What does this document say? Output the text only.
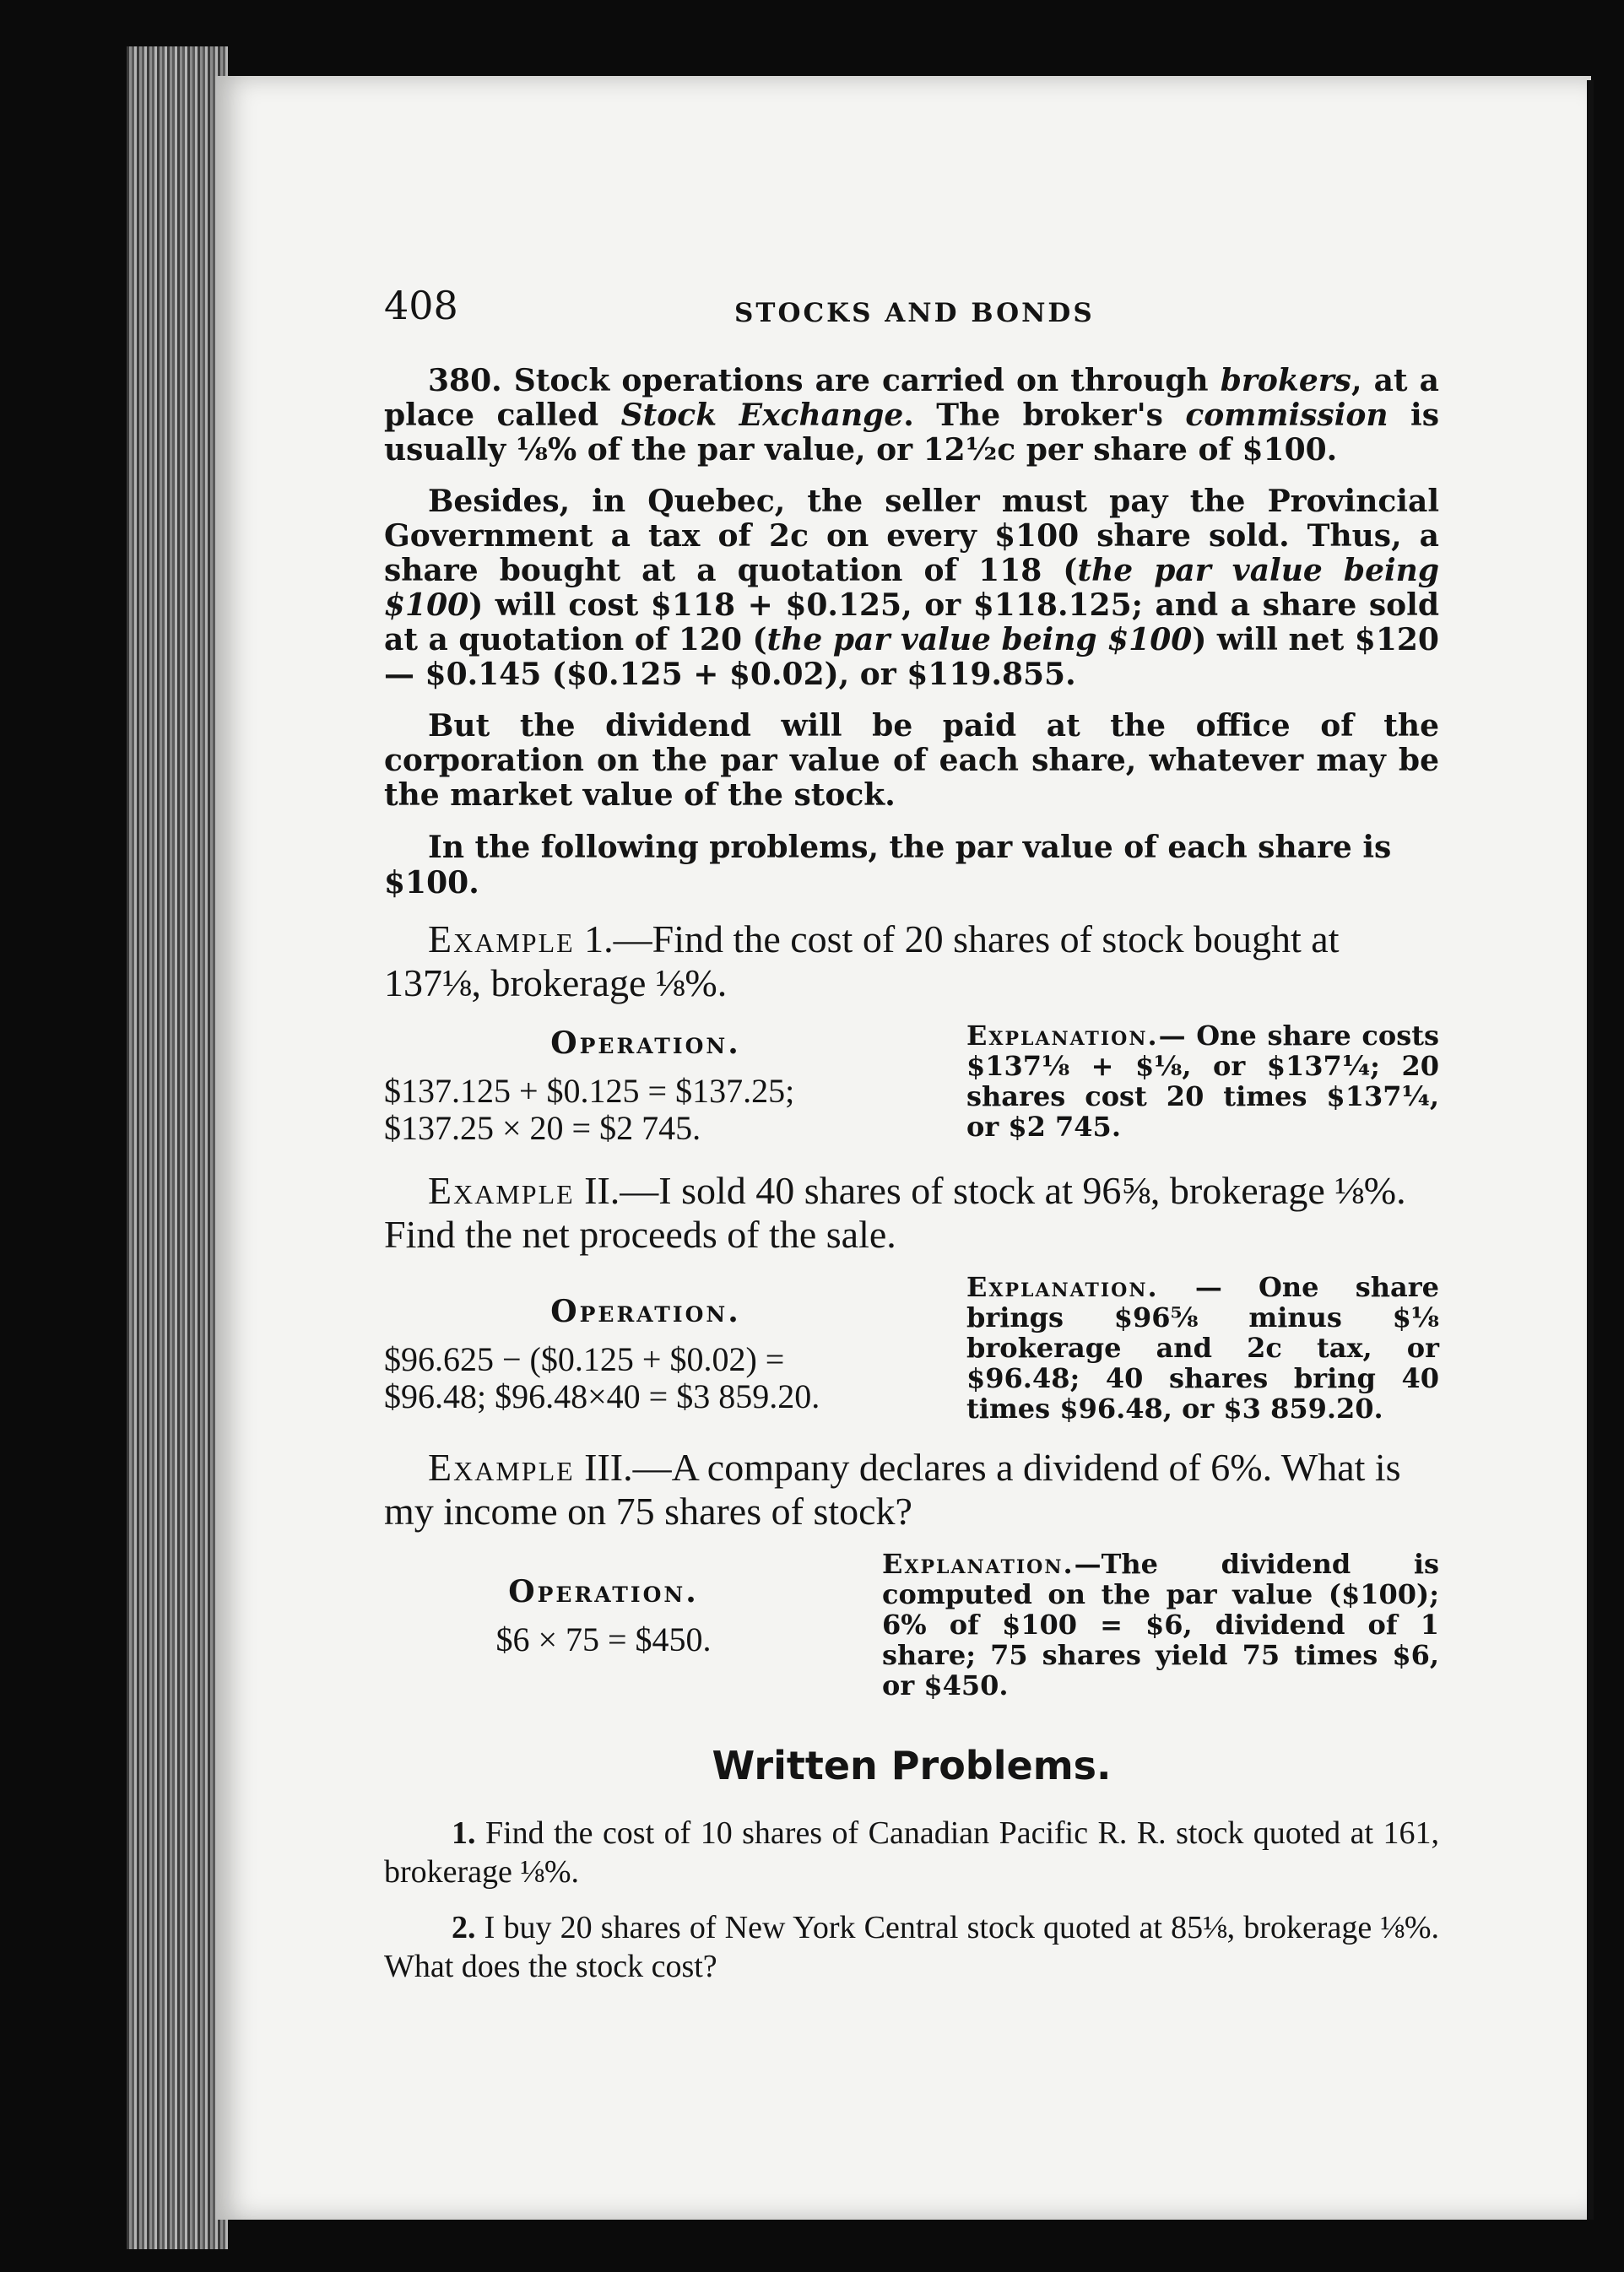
408	STOCKS AND BONDS

380. Stock operations are carried on through brokers, at a place called Stock Exchange. The broker's commission is usually ⅛% of the par value, or 12½c per share of $100.

Besides, in Quebec, the seller must pay the Provincial Government a tax of 2c on every $100 share sold. Thus, a share bought at a quotation of 118 (the par value being $100) will cost $118 + $0.125, or $118.125; and a share sold at a quotation of 120 (the par value being $100) will net $120 — $0.145 ($0.125 + $0.02), or $119.855.

But the dividend will be paid at the office of the corporation on the par value of each share, whatever may be the market value of the stock.

In the following problems, the par value of each share is $100.

Example 1.—Find the cost of 20 shares of stock bought at 137⅛, brokerage ⅛%.
Operation.
$137.125 + $0.125 = $137.25;
$137.25 × 20 = $2 745.
Explanation.— One share costs $137⅛ + $⅛, or $137¼; 20 shares cost 20 times $137¼, or $2 745.
Example II.—I sold 40 shares of stock at 96⅝, brokerage ⅛%. Find the net proceeds of the sale.
Operation.
$96.625 − ($0.125 + $0.02) =
$96.48; $96.48×40 = $3 859.20.
Explanation. — One share brings $96⅝ minus $⅛ brokerage and 2c tax, or $96.48; 40 shares bring 40 times $96.48, or $3 859.20.
Example III.—A company declares a dividend of 6%. What is my income on 75 shares of stock?
Operation.
$6 × 75 = $450.
Explanation.—The dividend is computed on the par value ($100); 6% of $100 = $6, dividend of 1 share; 75 shares yield 75 times $6, or $450.
Written Problems.

1. Find the cost of 10 shares of Canadian Pacific R. R. stock quoted at 161, brokerage ⅛%.

2. I buy 20 shares of New York Central stock quoted at 85⅛, brokerage ⅛%. What does the stock cost?
